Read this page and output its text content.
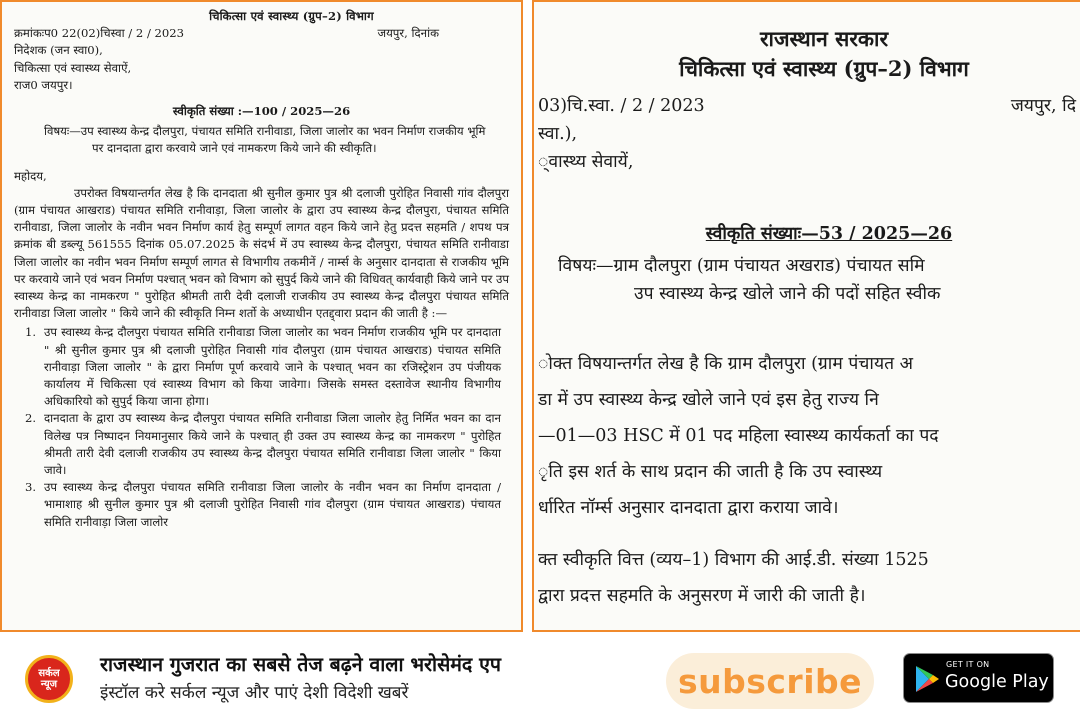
चिकित्सा एवं स्वास्थ्य (ग्रुप–2) विभाग
क्रमांकःप0 22(02)चिस्वा / 2 / 2023	जयपुर, दिनांक
निदेशक (जन स्वा0),
चिकित्सा एवं स्वास्थ्य सेवाऐं,
राज0 जयपुर।
स्वीकृति संख्या :—100 / 2025—26
विषयः—उप स्वास्थ्य केन्द्र दौलपुरा, पंचायत समिति रानीवाडा, जिला जालोर का भवन निर्माण राजकीय भूमि पर दानदाता द्वारा करवाये जाने एवं नामकरण किये जाने की स्वीकृति।
महोदय,
उपरोक्त विषयान्तर्गत लेख है कि दानदाता श्री सुनील कुमार पुत्र श्री दलाजी पुरोहित निवासी गांव दौलपुरा (ग्राम पंचायत आखराड) पंचायत समिति रानीवाड़ा, जिला जालोर के द्वारा उप स्वास्थ्य केन्द्र दौलपुरा, पंचायत समिति रानीवाडा, जिला जालोर के नवीन भवन निर्माण कार्य हेतु सम्पूर्ण लागत वहन किये जाने हेतु प्रदत्त सहमति / शपथ पत्र क्रमांक बी डब्ल्यू 561555 दिनांक 05.07.2025 के संदर्भ में उप स्वास्थ्य केन्द्र दौलपुरा, पंचायत समिति रानीवाडा जिला जालोर का नवीन भवन निर्माण सम्पूर्ण लागत से विभागीय तकमीनें / नार्म्स के अनुसार दानदाता से राजकीय भूमि पर करवाये जाने एवं भवन निर्माण पश्चात् भवन को विभाग को सुपुर्द किये जाने की विधिवत् कार्यवाही किये जाने पर उप स्वास्थ्य केन्द्र का नामकरण " पुरोहित श्रीमती तारी देवी दलाजी राजकीय उप स्वास्थ्य केन्द्र दौलपुरा पंचायत समिति रानीवाडा जिला जालोर " किये जाने की स्वीकृति निम्न शर्तो के अध्याधीन एतद्द्वारा प्रदान की जाती है :—
1. उप स्वास्थ्य केन्द्र दौलपुरा पंचायत समिति रानीवाडा जिला जालोर का भवन निर्माण राजकीय भूमि पर दानदाता " श्री सुनील कुमार पुत्र श्री दलाजी पुरोहित निवासी गांव दौलपुरा (ग्राम पंचायत आखराड) पंचायत समिति रानीवाड़ा जिला जालोर " के द्वारा निर्माण पूर्ण करवाये जाने के पश्चात् भवन का रजिस्ट्रेशन उप पंजीयक कार्यालय में चिकित्सा एवं स्वास्थ्य विभाग को किया जावेगा। जिसके समस्त दस्तावेज स्थानीय विभागीय अधिकारियो को सुपुर्द किया जाना होगा।
2. दानदाता के द्वारा उप स्वास्थ्य केन्द्र दौलपुरा पंचायत समिति रानीवाडा जिला जालोर हेतु निर्मित भवन का दान विलेख पत्र निष्पादन नियमानुसार किये जाने के पश्चात् ही उक्त उप स्वास्थ्य केन्द्र का नामकरण " पुरोहित श्रीमती तारी देवी दलाजी राजकीय उप स्वास्थ्य केन्द्र दौलपुरा पंचायत समिति रानीवाडा जिला जालोर " किया जावे।
3. उप स्वास्थ्य केन्द्र दौलपुरा पंचायत समिति रानीवाडा जिला जालोर के नवीन भवन का निर्माण दानदाता / भामाशाह श्री सुनील कुमार पुत्र श्री दलाजी पुरोहित निवासी गांव दौलपुरा (ग्राम पंचायत आखराड) पंचायत समिति रानीवाड़ा जिला जालोर
राजस्थान सरकार
चिकित्सा एवं स्वास्थ्य (ग्रुप–2) विभाग
03)चि.स्वा. / 2 / 2023	जयपुर, दि
स्वा.),
्वास्थ्य सेवायें,
स्वीकृति संख्याः—53 / 2025—26
विषयः—ग्राम दौलपुरा (ग्राम पंचायत अखराड) पंचायत समि
उप स्वास्थ्य केन्द्र खोले जाने की पदों सहित स्वीक
ोक्त विषयान्तर्गत लेख है कि ग्राम दौलपुरा (ग्राम पंचायत अ
डा में उप स्वास्थ्य केन्द्र खोले जाने एवं इस हेतु राज्य नि
—01—03 HSC में 01 पद महिला स्वास्थ्य कार्यकर्ता का पद
ृति इस शर्त के साथ प्रदान की जाती है कि उप स्वास्थ्य
र्धारित नॉर्म्स अनुसार दानदाता द्वारा कराया जावे।
क्त स्वीकृति वित्त (व्यय–1) विभाग की आई.डी. संख्या 1525
द्वारा प्रदत्त सहमति के अनुसरण में जारी की जाती है।
सर्कल
न्यूज
राजस्थान गुजरात का सबसे तेज बढ़ने वाला भरोसेमंद एप
इंस्टॉल करे सर्कल न्यूज और पाएं देशी विदेशी खबरें	subscribe	GET IT ON
Google Play
